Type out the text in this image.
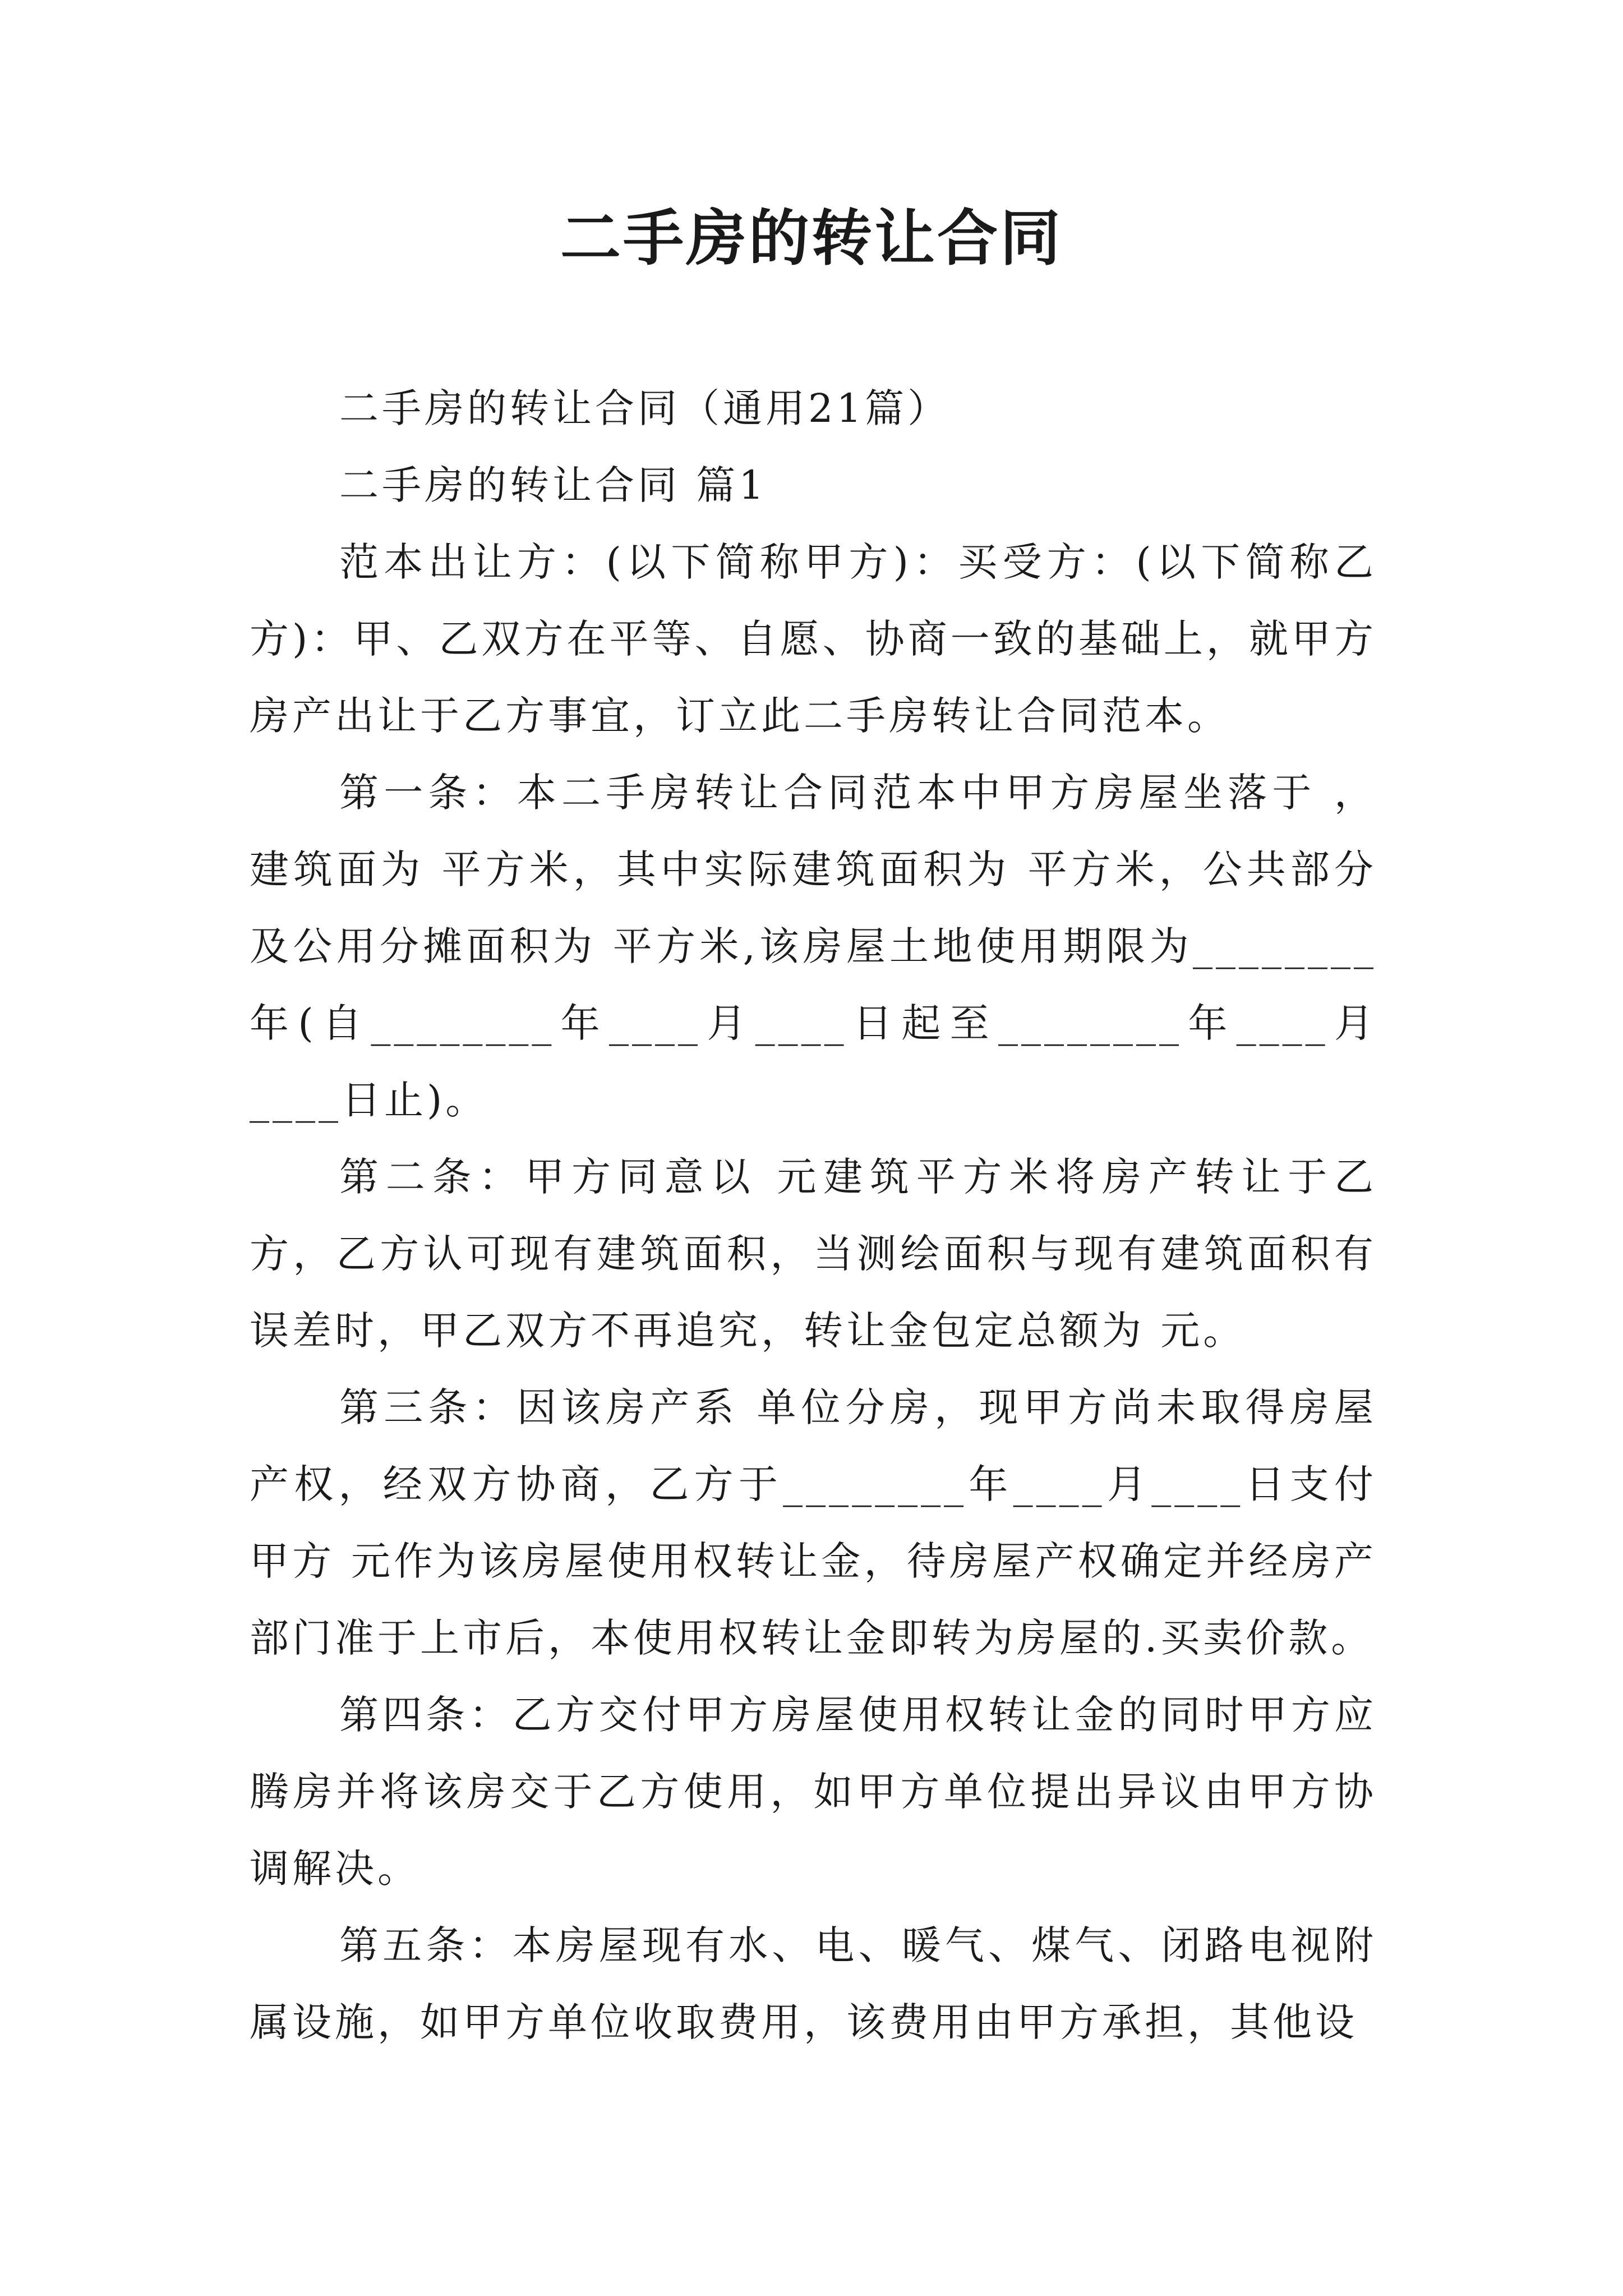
二手房的转让合同

二手房的转让合同（通用21篇）

二手房的转让合同 篇1

范本出让方：(以下简称甲方)：买受方：(以下简称乙方)：甲、乙双方在平等、自愿、协商一致的基础上，就甲方房产出让于乙方事宜，订立此二手房转让合同范本。

第一条：本二手房转让合同范本中甲方房屋坐落于 ，建筑面为 平方米，其中实际建筑面积为 平方米，公共部分及公用分摊面积为 平方米,该房屋土地使用期限为________年(自________年____月____日起至________年____月____日止)。

第二条：甲方同意以 元建筑平方米将房产转让于乙方，乙方认可现有建筑面积，当测绘面积与现有建筑面积有误差时，甲乙双方不再追究，转让金包定总额为 元。

第三条：因该房产系 单位分房，现甲方尚未取得房屋产权，经双方协商，乙方于________年____月____日支付甲方 元作为该房屋使用权转让金，待房屋产权确定并经房产部门准于上市后，本使用权转让金即转为房屋的.买卖价款。

第四条：乙方交付甲方房屋使用权转让金的同时甲方应腾房并将该房交于乙方使用，如甲方单位提出异议由甲方协调解决。

第五条：本房屋现有水、电、暖气、煤气、闭路电视附属设施，如甲方单位收取费用，该费用由甲方承担，其他设
